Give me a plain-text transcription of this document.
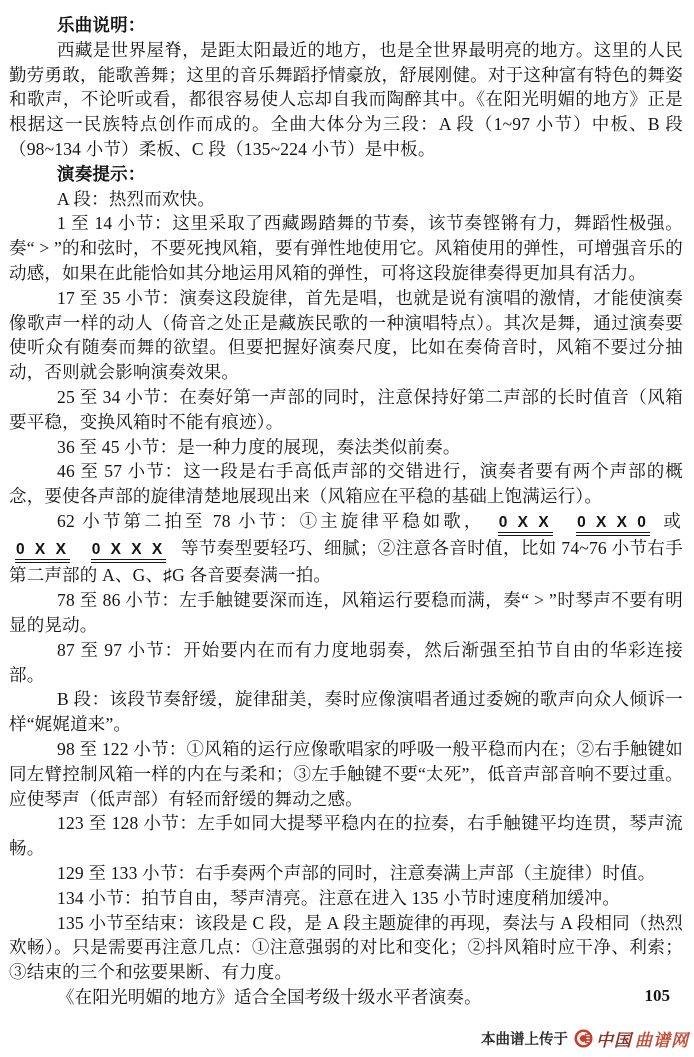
乐曲说明：

西藏是世界屋脊，是距太阳最近的地方，也是全世界最明亮的地方。这里的人民勤劳勇敢，能歌善舞；这里的音乐舞蹈抒情豪放，舒展刚健。对于这种富有特色的舞姿和歌声，不论听或看，都很容易使人忘却自我而陶醉其中。《在阳光明媚的地方》正是根据这一民族特点创作而成的。全曲大体分为三段：A 段（1~97 小节）中板、B 段（98~134 小节）柔板、C 段（135~224 小节）是中板。

演奏提示：

A 段：热烈而欢快。

1 至 14 小节：这里采取了西藏踢踏舞的节奏，该节奏铿锵有力，舞蹈性极强。奏“ > ”的和弦时，不要死拽风箱，要有弹性地使用它。风箱使用的弹性，可增强音乐的动感，如果在此能恰如其分地运用风箱的弹性，可将这段旋律奏得更加具有活力。

17 至 35 小节：演奏这段旋律，首先是唱，也就是说有演唱的激情，才能使演奏像歌声一样的动人（倚音之处正是藏族民歌的一种演唱特点）。其次是舞，通过演奏要使听众有随奏而舞的欲望。但要把握好演奏尺度，比如在奏倚音时，风箱不要过分抽动，否则就会影响演奏效果。

25 至 34 小节：在奏好第一声部的同时，注意保持好第二声部的长时值音（风箱要平稳，变换风箱时不能有痕迹）。

36 至 45 小节：是一种力度的展现，奏法类似前奏。

46 至 57 小节：这一段是右手高低声部的交错进行，演奏者要有两个声部的概念，要使各声部的旋律清楚地展现出来（风箱应在平稳的基础上饱满运行）。

62 小节第二拍至 78 小节：①主旋律平稳如歌， 0 X X 0 X X 0 或 0 X X 0 X X X 等节奏型要轻巧、细腻；②注意各音时值，比如 74~76 小节右手第二声部的 A、G、♯G 各音要奏满一拍。

78 至 86 小节：左手触键要深而连，风箱运行要稳而满，奏“ > ”时琴声不要有明显的晃动。

87 至 97 小节：开始要内在而有力度地弱奏，然后渐强至拍节自由的华彩连接部。

B 段：该段节奏舒缓，旋律甜美，奏时应像演唱者通过委婉的歌声向众人倾诉一样“娓娓道来”。

98 至 122 小节：①风箱的运行应像歌唱家的呼吸一般平稳而内在；②右手触键如同左臂控制风箱一样的内在与柔和；③左手触键不要“太死”，低音声部音响不要过重。应使琴声（低声部）有轻而舒缓的舞动之感。

123 至 128 小节：左手如同大提琴平稳内在的拉奏，右手触键平均连贯，琴声流畅。

129 至 133 小节：右手奏两个声部的同时，注意奏满上声部（主旋律）时值。

134 小节：拍节自由，琴声清亮。注意在进入 135 小节时速度稍加缓冲。

135 小节至结束：该段是 C 段，是 A 段主题旋律的再现，奏法与 A 段相同（热烈欢畅）。只是需要再注意几点：①注意强弱的对比和变化；②抖风箱时应干净、利索；③结束的三个和弦要果断、有力度。

《在阳光明媚的地方》适合全国考级十级水平者演奏。	105
本曲谱上传于 中国 曲谱网
